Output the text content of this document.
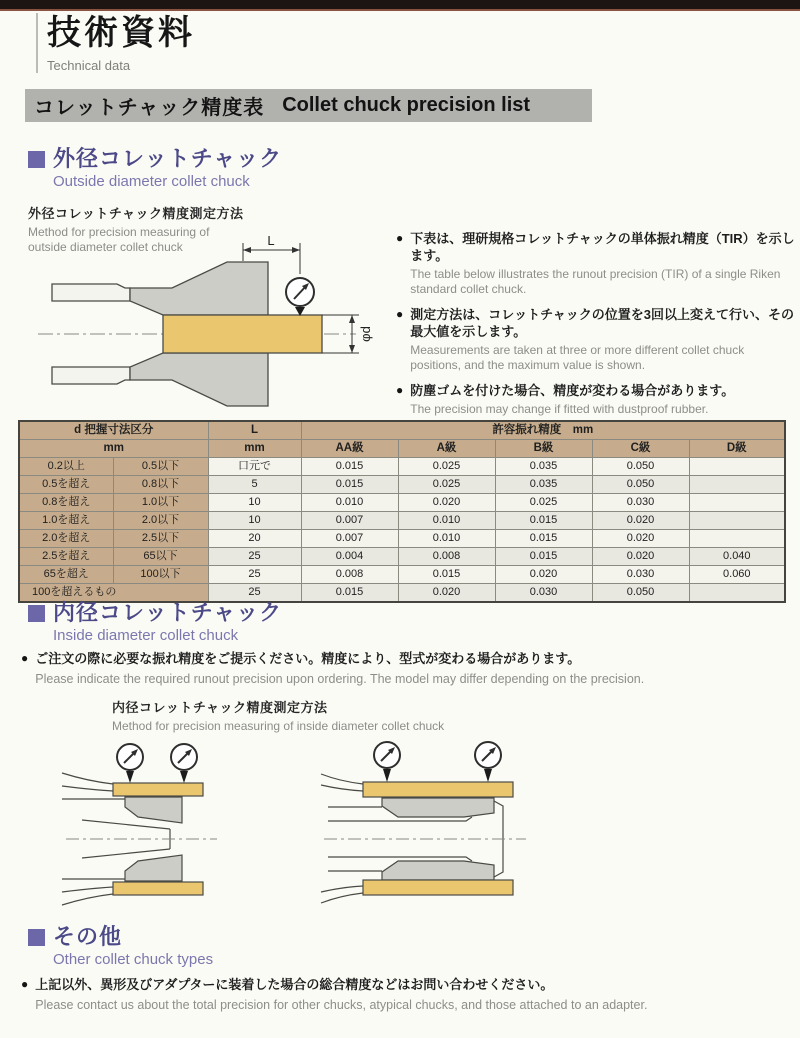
技術資料
Technical data
コレットチャック精度表 Collet chuck precision list
外径コレットチャック
Outside diameter collet chuck
外径コレットチャック精度測定方法
Method for precision measuring of
outside diameter collet chuck	L
φd
● 下表は、理研規格コレットチャックの単体振れ精度（TIR）を示します。
The table below illustrates the runout precision (TIR) of a single Riken standard collet chuck.
● 測定方法は、コレットチャックの位置を3回以上変えて行い、その最大値を示します。
Measurements are taken at three or more different collet chuck positions, and the maximum value is shown.
● 防塵ゴムを付けた場合、精度が変わる場合があります。
The precision may change if fitted with dustproof rubber.
d 把握寸法区分		L	許容振れ精度　mm				
mm		mm	AA級	A級	B級	C級	D級
0.2以上	0.5以下	口元で	0.015	0.025	0.035	0.050	
0.5を超え	0.8以下	5	0.015	0.025	0.035	0.050	
0.8を超え	1.0以下	10	0.010	0.020	0.025	0.030	
1.0を超え	2.0以下	10	0.007	0.010	0.015	0.020	
2.0を超え	2.5以下	20	0.007	0.010	0.015	0.020	
2.5を超え	65以下	25	0.004	0.008	0.015	0.020	0.040
65を超え	100以下	25	0.008	0.015	0.020	0.030	0.060
100を超えるもの		25	0.015	0.020	0.030	0.050	
内径コレットチャック
Inside diameter collet chuck
● ご注文の際に必要な振れ精度をご提示ください。精度により、型式が変わる場合があります。
Please indicate the required runout precision upon ordering. The model may differ depending on the precision.
内径コレットチャック精度測定方法
Method for precision measuring of inside diameter collet chuck
その他
Other collet chuck types
● 上記以外、異形及びアダプターに装着した場合の総合精度などはお問い合わせください。
Please contact us about the total precision for other chucks, atypical chucks, and those attached to an adapter.
